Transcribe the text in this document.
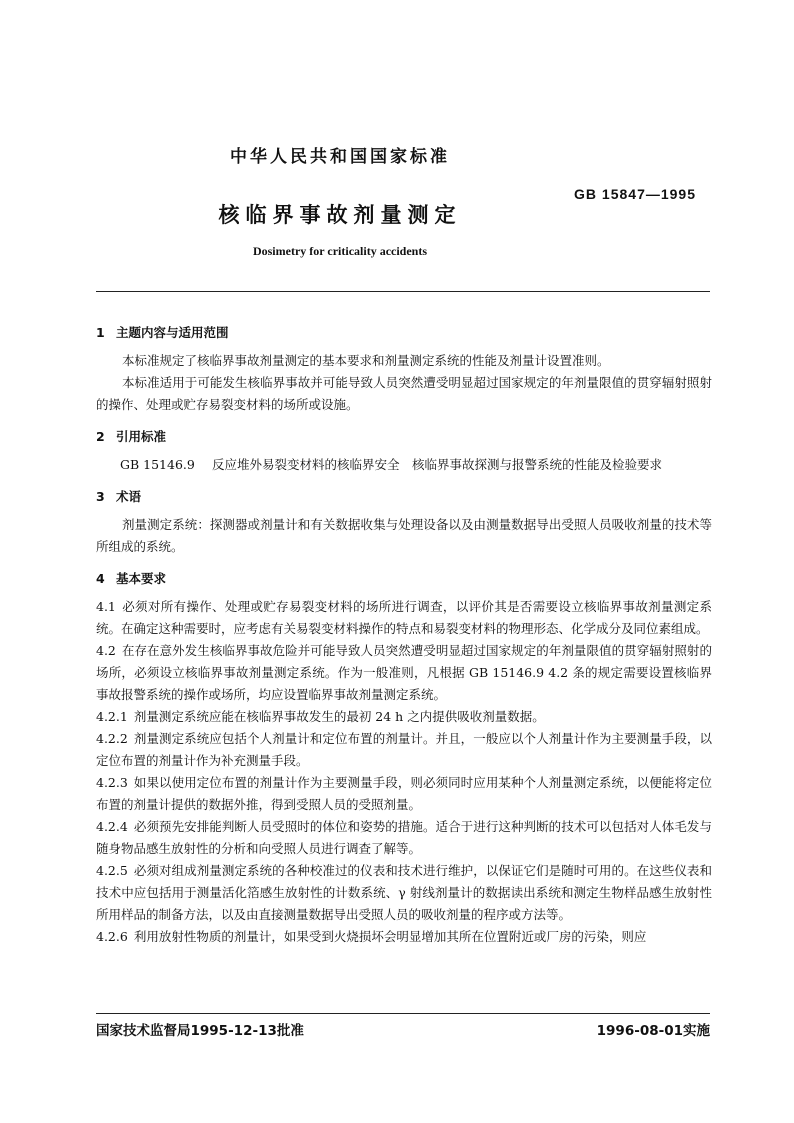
中华人民共和国国家标准
GB 15847—1995
核临界事故剂量测定
Dosimetry for criticality accidents
1 主题内容与适用范围

本标准规定了核临界事故剂量测定的基本要求和剂量测定系统的性能及剂量计设置准则。

本标准适用于可能发生核临界事故并可能导致人员突然遭受明显超过国家规定的年剂量限值的贯穿辐射照射的操作、处理或贮存易裂变材料的场所或设施。

2 引用标准
GB 15146.9	反应堆外易裂变材料的核临界安全　核临界事故探测与报警系统的性能及检验要求
3 术语

剂量测定系统：探测器或剂量计和有关数据收集与处理设备以及由测量数据导出受照人员吸收剂量的技术等所组成的系统。

4 基本要求

4.1 必须对所有操作、处理或贮存易裂变材料的场所进行调查，以评价其是否需要设立核临界事故剂量测定系统。在确定这种需要时，应考虑有关易裂变材料操作的特点和易裂变材料的物理形态、化学成分及同位素组成。

4.2 在存在意外发生核临界事故危险并可能导致人员突然遭受明显超过国家规定的年剂量限值的贯穿辐射照射的场所，必须设立核临界事故剂量测定系统。作为一般准则，凡根据 GB 15146.9 4.2 条的规定需要设置核临界事故报警系统的操作或场所，均应设置临界事故剂量测定系统。

4.2.1 剂量测定系统应能在核临界事故发生的最初 24 h 之内提供吸收剂量数据。

4.2.2 剂量测定系统应包括个人剂量计和定位布置的剂量计。并且，一般应以个人剂量计作为主要测量手段，以定位布置的剂量计作为补充测量手段。

4.2.3 如果以使用定位布置的剂量计作为主要测量手段，则必须同时应用某种个人剂量测定系统，以便能将定位布置的剂量计提供的数据外推，得到受照人员的受照剂量。

4.2.4 必须预先安排能判断人员受照时的体位和姿势的措施。适合于进行这种判断的技术可以包括对人体毛发与随身物品感生放射性的分析和向受照人员进行调查了解等。

4.2.5 必须对组成剂量测定系统的各种校准过的仪表和技术进行维护，以保证它们是随时可用的。在这些仪表和技术中应包括用于测量活化箔感生放射性的计数系统、γ 射线剂量计的数据读出系统和测定生物样品感生放射性所用样品的制备方法，以及由直接测量数据导出受照人员的吸收剂量的程序或方法等。

4.2.6 利用放射性物质的剂量计，如果受到火烧损坏会明显增加其所在位置附近或厂房的污染，则应

国家技术监督局1995-12-13批准	1996-08-01实施
